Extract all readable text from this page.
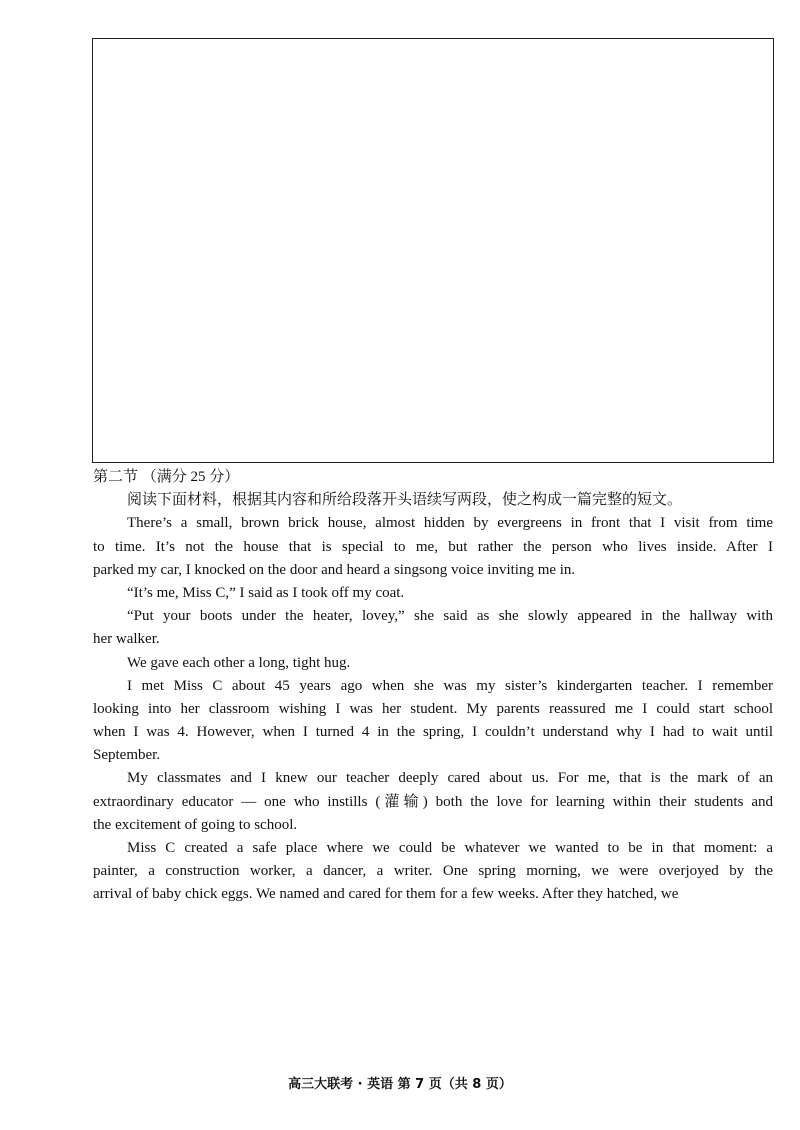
第二节 （满分 25 分）
阅读下面材料，根据其内容和所给段落开头语续写两段，使之构成一篇完整的短文。
There’s a small, brown brick house, almost hidden by evergreens in front that I visit from time
to time. It’s not the house that is special to me, but rather the person who lives inside. After I
parked my car, I knocked on the door and heard a singsong voice inviting me in.
“It’s me, Miss C,” I said as I took off my coat.
“Put your boots under the heater, lovey,” she said as she slowly appeared in the hallway with
her walker.
We gave each other a long, tight hug.
I met Miss C about 45 years ago when she was my sister’s kindergarten teacher. I remember
looking into her classroom wishing I was her student. My parents reassured me I could start school
when I was 4. However, when I turned 4 in the spring, I couldn’t understand why I had to wait until
September.
My classmates and I knew our teacher deeply cared about us. For me, that is the mark of an
extraordinary educator — one who instills (灌输) both the love for learning within their students and
the excitement of going to school.
Miss C created a safe place where we could be whatever we wanted to be in that moment: a
painter, a construction worker, a dancer, a writer. One spring morning, we were overjoyed by the
arrival of baby chick eggs. We named and cared for them for a few weeks. After they hatched, we
高三大联考 · 英语 第 7 页（共 8 页）
